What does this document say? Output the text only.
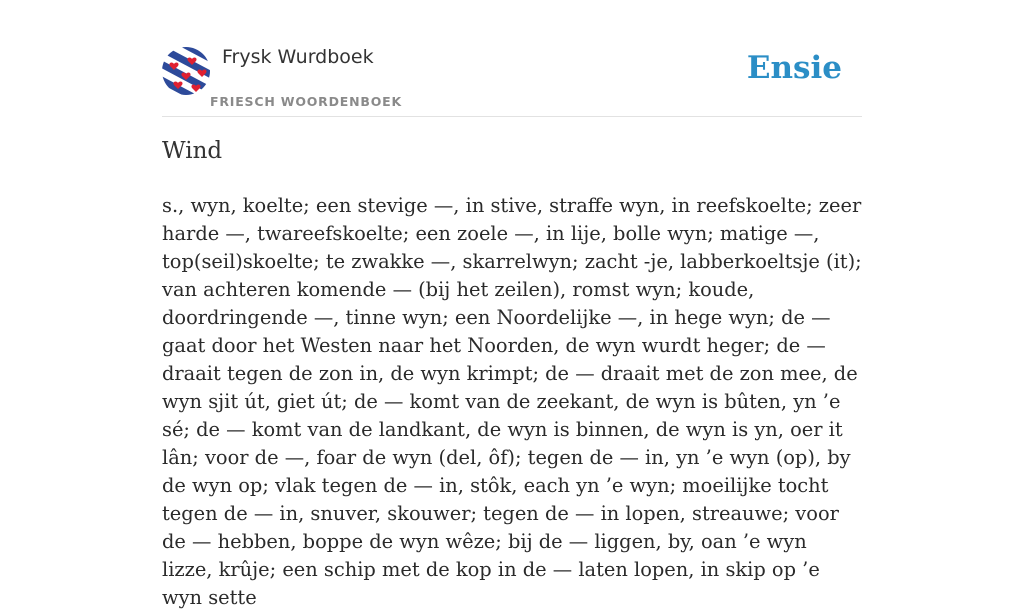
Frysk Wurdboek
FRIESCH WOORDENBOEK
Ensie
Wind

s., wyn, koelte; een stevige —, in stive, straffe wyn, in reefskoelte; zeer harde —, twareefskoelte; een zoele —, in lije, bolle wyn; matige —, top(seil)skoelte; te zwakke —, skarrelwyn; zacht -je, labberkoeltsje (it); van achteren komende — (bij het zeilen), romst wyn; koude, doordringende —, tinne wyn; een Noordelijke —, in hege wyn; de — gaat door het Westen naar het Noorden, de wyn wurdt heger; de — draait tegen de zon in, de wyn krimpt; de — draait met de zon mee, de wyn sjit út, giet út; de — komt van de zeekant, de wyn is bûten, yn ’e sé; de — komt van de landkant, de wyn is binnen, de wyn is yn, oer it lân; voor de —, foar de wyn (del, ôf); tegen de — in, yn ’e wyn (op), by de wyn op; vlak tegen de — in, stôk, each yn ’e wyn; moeilijke tocht tegen de — in, snuver, skouwer; tegen de — in lopen, streauwe; voor de — hebben, boppe de wyn wêze; bij de — liggen, by, oan ’e wyn lizze, krûje; een schip met de kop in de — laten lopen, in skip op ’e wyn sette
